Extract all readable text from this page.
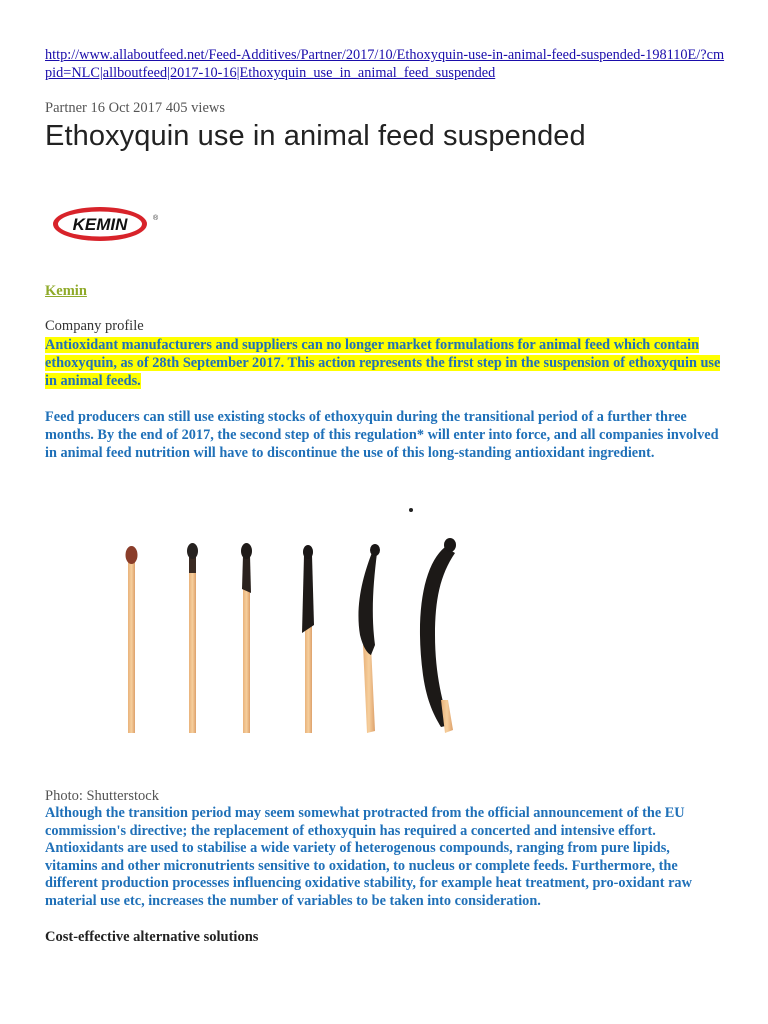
http://www.allaboutfeed.net/Feed-Additives/Partner/2017/10/Ethoxyquin-use-in-animal-feed-suspended-198110E/?cmpid=NLC|allboutfeed|2017-10-16|Ethoxyquin_use_in_animal_feed_suspended

Partner 16 Oct 2017 405 views

Ethoxyquin use in animal feed suspended
KEMIN	®
Kemin

Company profile

Antioxidant manufacturers and suppliers can no longer market formulations for animal feed which contain ethoxyquin, as of 28th September 2017. This action represents the first step in the suspension of ethoxyquin use in animal feeds.

Feed producers can still use existing stocks of ethoxyquin during the transitional period of a further three months. By the end of 2017, the second step of this regulation* will enter into force, and all companies involved in animal feed nutrition will have to discontinue the use of this long-standing antioxidant ingredient.

Photo: Shutterstock

Although the transition period may seem somewhat protracted from the official announcement of the EU commission's directive; the replacement of ethoxyquin has required a concerted and intensive effort. Antioxidants are used to stabilise a wide variety of heterogenous compounds, ranging from pure lipids, vitamins and other micronutrients sensitive to oxidation, to nucleus or complete feeds. Furthermore, the different production processes influencing oxidative stability, for example heat treatment, pro-oxidant raw material use etc, increases the number of variables to be taken into consideration.

Cost-effective alternative solutions
